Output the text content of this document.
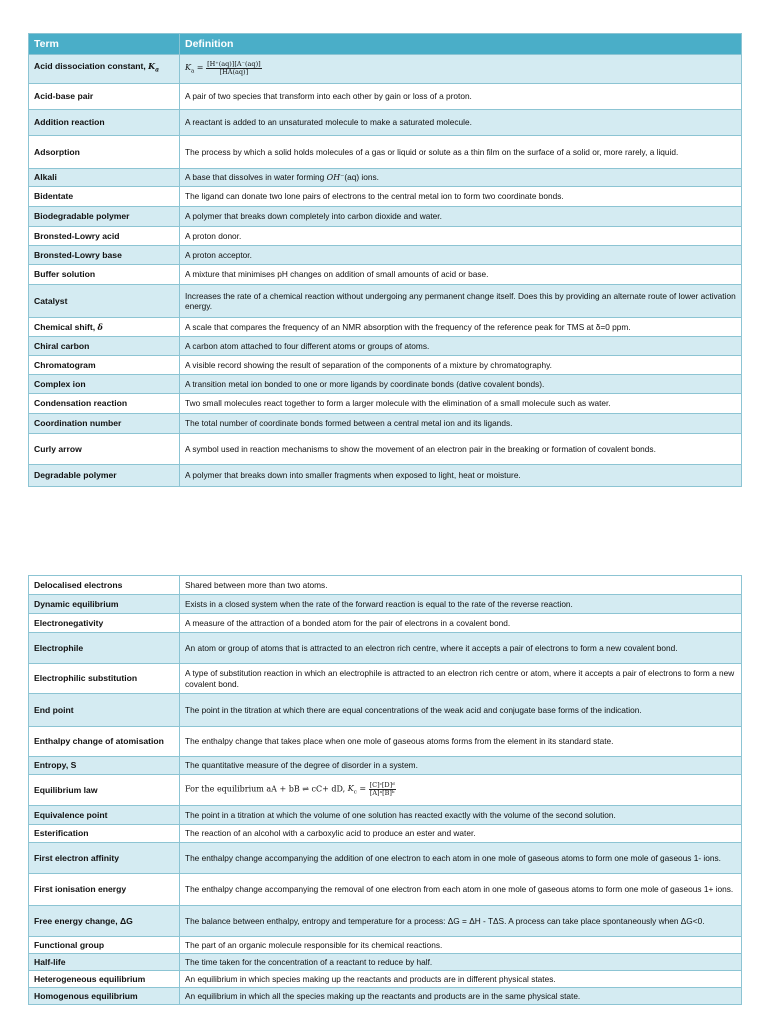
Term	Definition
Acid dissociation constant, $K_a$	$K_a = \frac{[H^+(aq)][A^-(aq)]}{[HA(aq)]}$

Acid-base pair	A pair of two species that transform into each other by gain or loss of a proton.
Addition reaction	A reactant is added to an unsaturated molecule to make a saturated molecule.
Adsorption	The process by which a solid holds molecules of a gas or liquid or solute as a thin film on the surface of a solid or, more rarely, a liquid.
Alkali	A base that dissolves in water forming OH⁻(aq) ions.
Bidentate	The ligand can donate two lone pairs of electrons to the central metal ion to form two coordinate bonds.
Biodegradable polymer	A polymer that breaks down completely into carbon dioxide and water.
Bronsted-Lowry acid	A proton donor.
Bronsted-Lowry base	A proton acceptor.
Buffer solution	A mixture that minimises pH changes on addition of small amounts of acid or base.
Catalyst	Increases the rate of a chemical reaction without undergoing any permanent change itself. Does this by providing an alternate route of lower activation energy.
Chemical shift, δ	A scale that compares the frequency of an NMR absorption with the frequency of the reference peak for TMS at δ=0 ppm.
Chiral carbon	A carbon atom attached to four different atoms or groups of atoms.
Chromatogram	A visible record showing the result of separation of the components of a mixture by chromatography.
Complex ion	A transition metal ion bonded to one or more ligands by coordinate bonds (dative covalent bonds).
Condensation reaction	Two small molecules react together to form a larger molecule with the elimination of a small molecule such as water.
Coordination number	The total number of coordinate bonds formed between a central metal ion and its ligands.
Curly arrow	A symbol used in reaction mechanisms to show the movement of an electron pair in the breaking or formation of covalent bonds.
Degradable polymer	A polymer that breaks down into smaller fragments when exposed to light, heat or moisture.
Delocalised electrons	Shared between more than two atoms.
Dynamic equilibrium	Exists in a closed system when the rate of the forward reaction is equal to the rate of the reverse reaction.
Electronegativity	A measure of the attraction of a bonded atom for the pair of electrons in a covalent bond.
Electrophile	An atom or group of atoms that is attracted to an electron rich centre, where it accepts a pair of electrons to form a new covalent bond.
Electrophilic substitution	A type of substitution reaction in which an electrophile is attracted to an electron rich centre or atom, where it accepts a pair of electrons to form a new covalent bond.
End point	The point in the titration at which there are equal concentrations of the weak acid and conjugate base forms of the indication.
Enthalpy change of atomisation	The enthalpy change that takes place when one mole of gaseous atoms forms from the element in its standard state.
Entropy, S	The quantitative measure of the degree of disorder in a system.
Equilibrium law	For the equilibrium aA + bB ⇌ cC+ dD, $K_c = \frac{\text{[C]ᶜ[D]ᵈ}}{\text{[A]ᵃ[B]ᵇ}}$

Equivalence point	The point in a titration at which the volume of one solution has reacted exactly with the volume of the second solution.
Esterification	The reaction of an alcohol with a carboxylic acid to produce an ester and water.
First electron affinity	The enthalpy change accompanying the addition of one electron to each atom in one mole of gaseous atoms to form one mole of gaseous 1- ions.
First ionisation energy	The enthalpy change accompanying the removal of one electron from each atom in one mole of gaseous atoms to form one mole of gaseous 1+ ions.
Free energy change, ΔG	The balance between enthalpy, entropy and temperature for a process: ΔG = ΔH - TΔS. A process can take place spontaneously when ΔG<0.
Functional group	The part of an organic molecule responsible for its chemical reactions.
Half-life	The time taken for the concentration of a reactant to reduce by half.
Heterogeneous equilibrium	An equilibrium in which species making up the reactants and products are in different physical states.
Homogenous equilibrium	An equilibrium in which all the species making up the reactants and products are in the same physical state.
